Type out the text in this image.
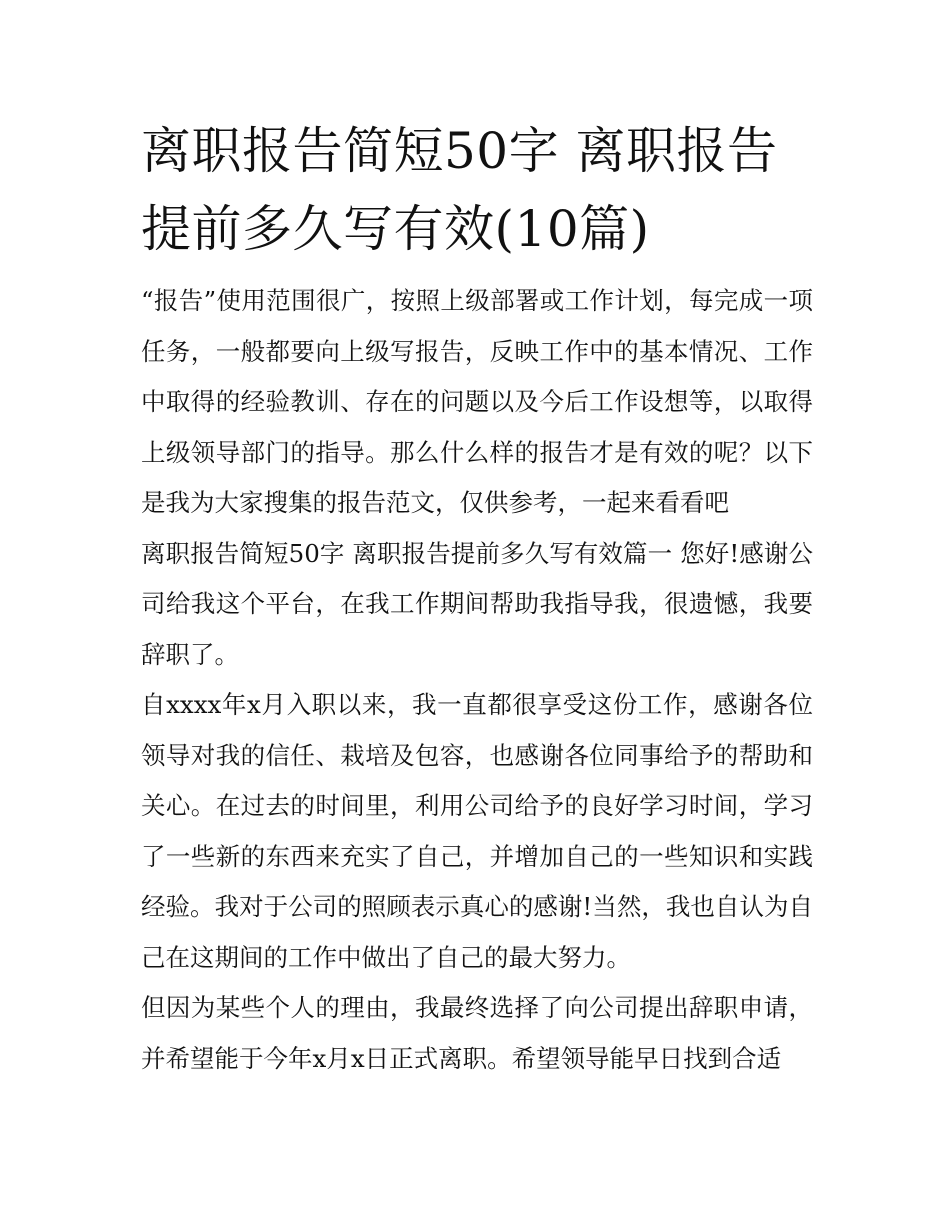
离职报告简短50字 离职报告提前多久写有效(10篇)

“报告”使用范围很广，按照上级部署或工作计划，每完成一项任务，一般都要向上级写报告，反映工作中的基本情况、工作中取得的经验教训、存在的问题以及今后工作设想等，以取得上级领导部门的指导。那么什么样的报告才是有效的呢？以下是我为大家搜集的报告范文，仅供参考，一起来看看吧

离职报告简短50字 离职报告提前多久写有效篇一 您好!感谢公司给我这个平台，在我工作期间帮助我指导我，很遗憾，我要辞职了。

自xxxx年x月入职以来，我一直都很享受这份工作，感谢各位领导对我的信任、栽培及包容，也感谢各位同事给予的帮助和关心。在过去的时间里，利用公司给予的良好学习时间，学习了一些新的东西来充实了自己，并增加自己的一些知识和实践经验。我对于公司的照顾表示真心的感谢!当然，我也自认为自己在这期间的工作中做出了自己的最大努力。

但因为某些个人的理由，我最终选择了向公司提出辞职申请，并希望能于今年x月x日正式离职。希望领导能早日找到合适
